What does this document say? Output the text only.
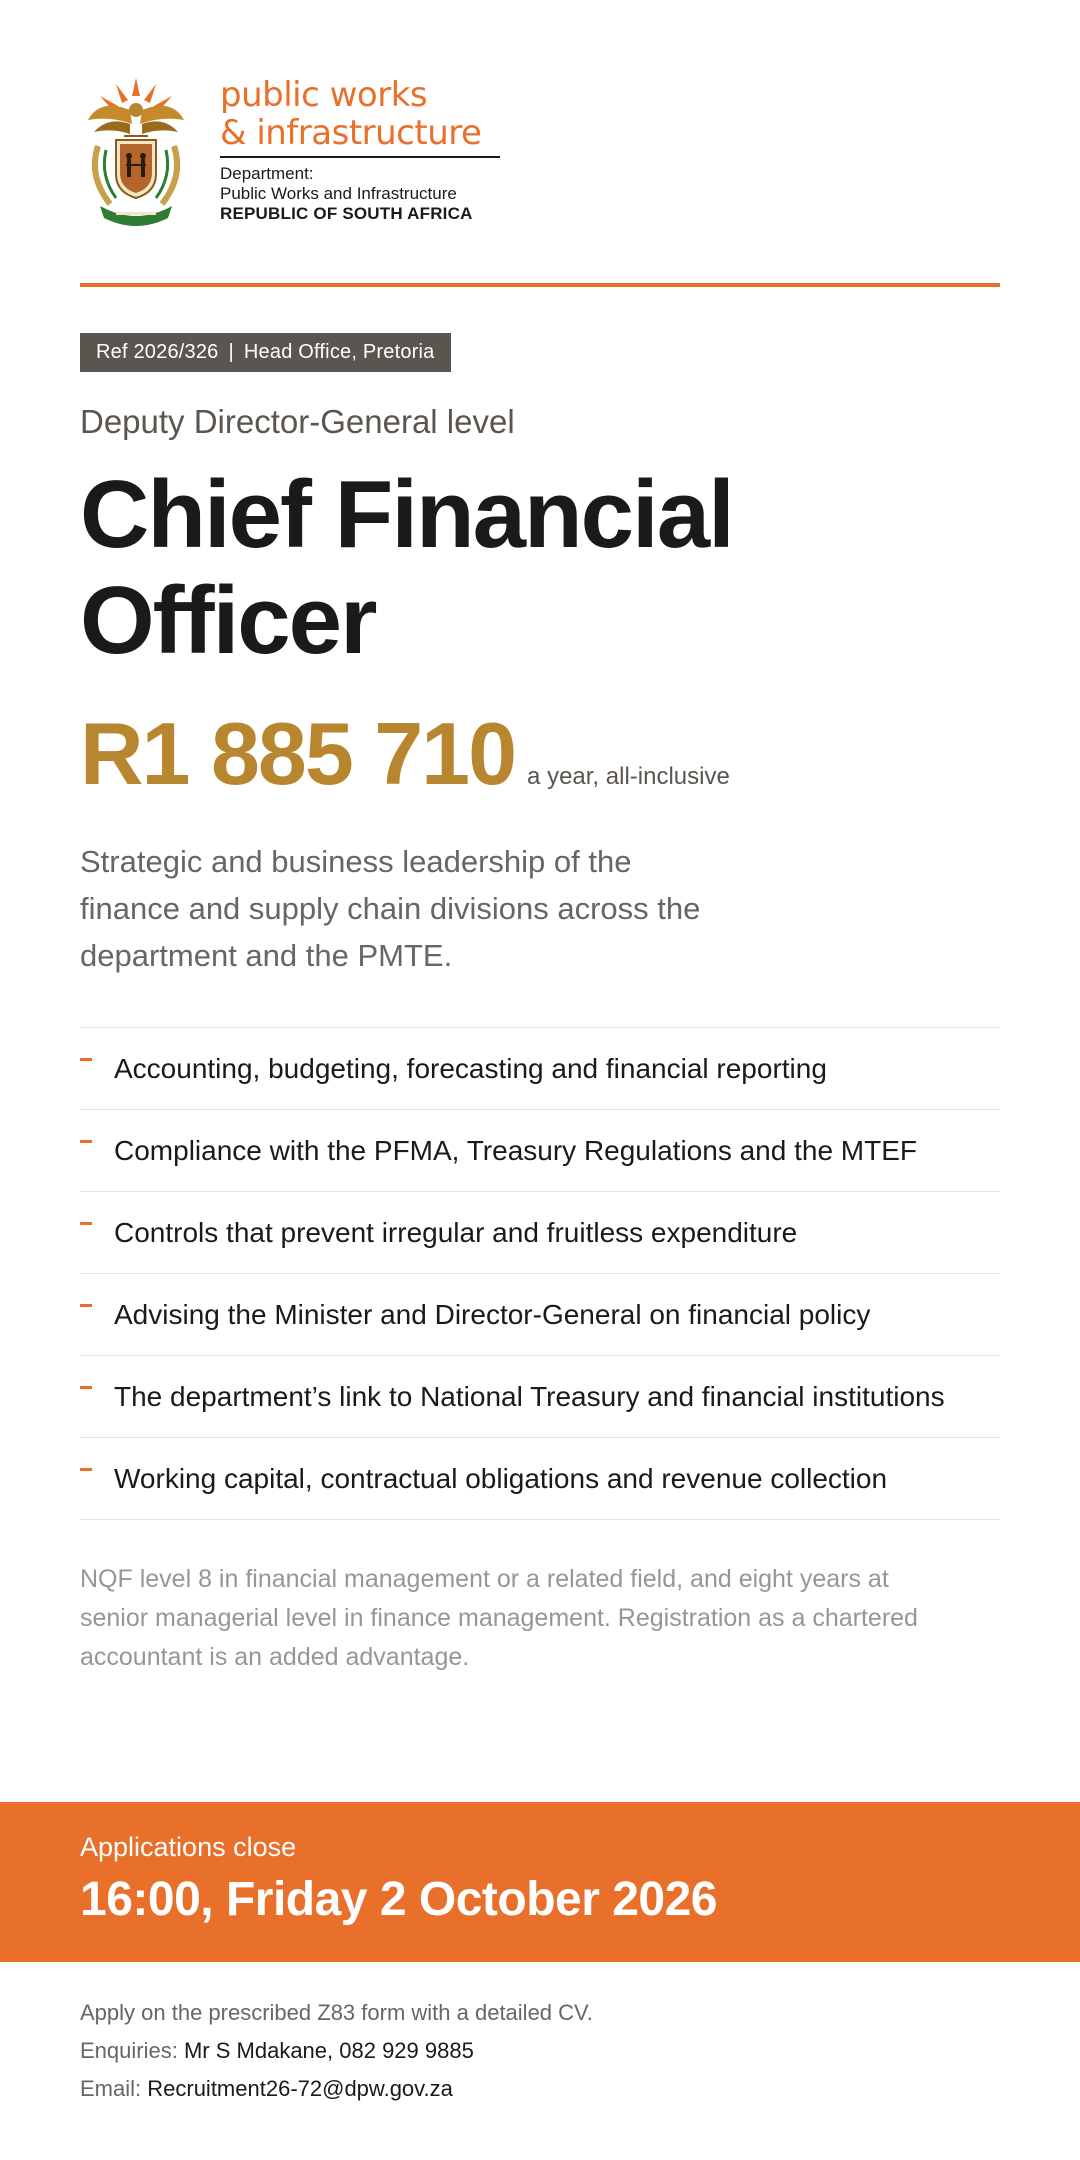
public works
& infrastructure
Department:
Public Works and Infrastructure
REPUBLIC OF SOUTH AFRICA
Ref 2026/326 | Head Office, Pretoria
Deputy Director-General level
Chief Financial
Officer
R1 885 710 a year, all-inclusive
Strategic and business leadership of the finance and supply chain divisions across the department and the PMTE.
Accounting, budgeting, forecasting and financial reporting
Compliance with the PFMA, Treasury Regulations and the MTEF
Controls that prevent irregular and fruitless expenditure
Advising the Minister and Director-General on financial policy
The department’s link to National Treasury and financial institutions
Working capital, contractual obligations and revenue collection
NQF level 8 in financial management or a related field, and eight years at senior managerial level in finance management. Registration as a chartered accountant is an added advantage.
Applications close
16:00, Friday 2 October 2026
Apply on the prescribed Z83 form with a detailed CV.
Enquiries: Mr S Mdakane, 082 929 9885
Email: Recruitment26-72@dpw.gov.za
